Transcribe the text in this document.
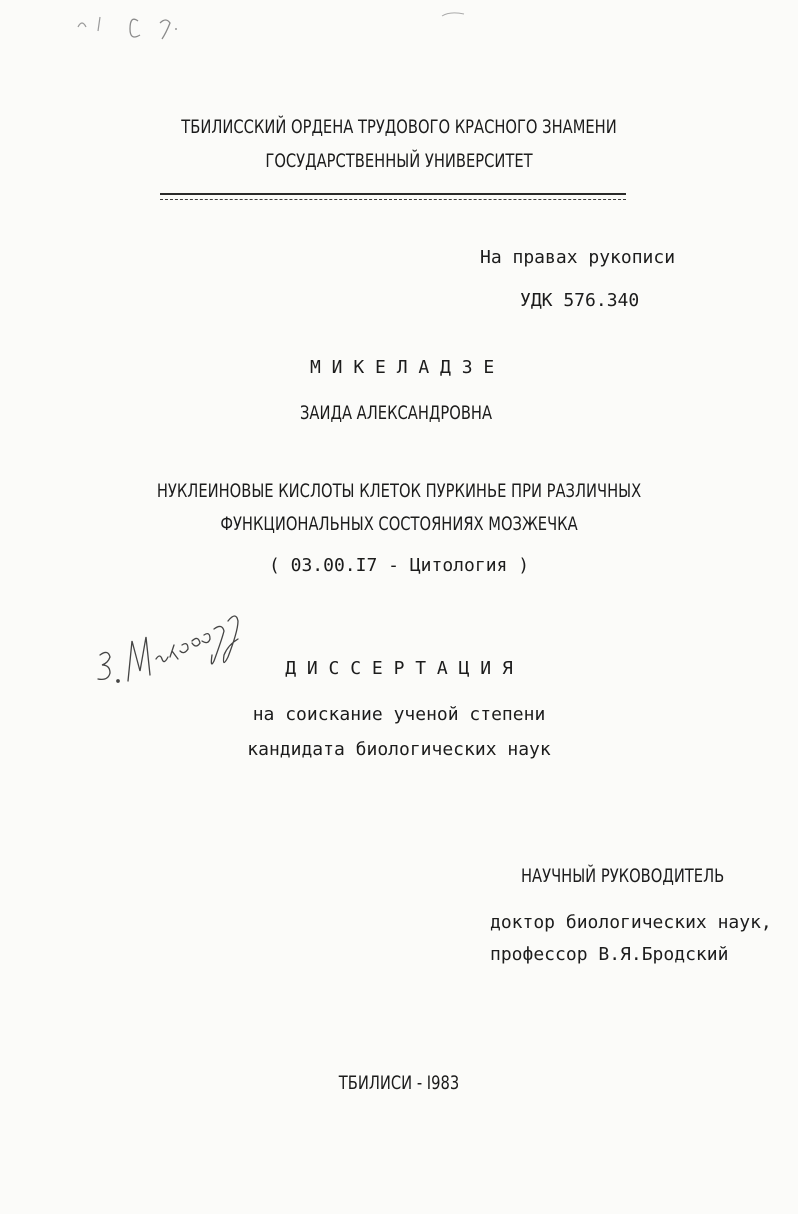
ТБИЛИССКИЙ ОРДЕНА ТРУДОВОГО КРАСНОГО ЗНАМЕНИ
ГОСУДАРСТВЕННЫЙ УНИВЕРСИТЕТ
На правах рукописи
УДК 576.340
М И К Е Л А Д З Е
ЗАИДА АЛЕКСАНДРОВНА
НУКЛЕИНОВЫЕ КИСЛОТЫ КЛЕТОК ПУРКИНЬЕ ПРИ РАЗЛИЧНЫХ
ФУНКЦИОНАЛЬНЫХ СОСТОЯНИЯХ МОЗЖЕЧКА
( 03.00.I7 - Цитология )
Д И С С Е Р Т А Ц И Я
на соискание ученой степени
кандидата биологических наук
НАУЧНЫЙ РУКОВОДИТЕЛЬ
доктор биологических наук,
профессор В.Я.Бродский
ТБИЛИСИ - I983
